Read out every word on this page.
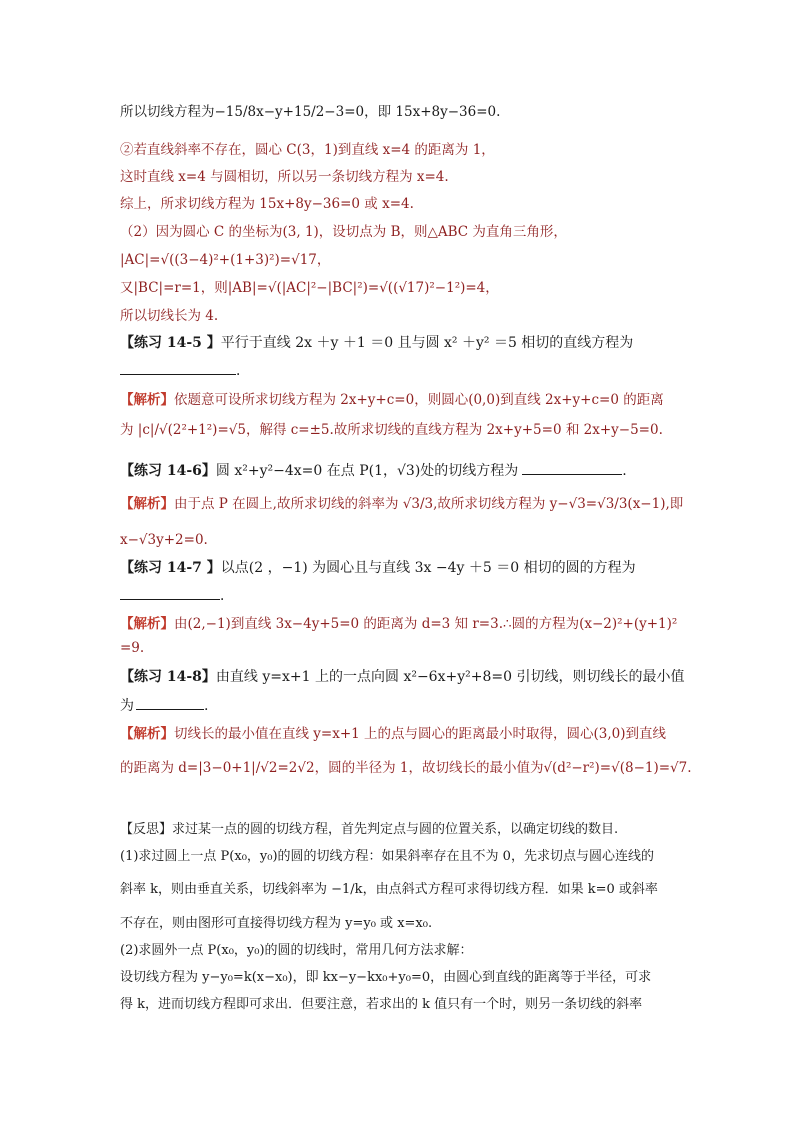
所以切线方程为−15/8x−y+15/2−3=0，即 15x+8y−36=0.
②若直线斜率不存在，圆心 C(3，1)到直线 x=4 的距离为 1，
这时直线 x=4 与圆相切，所以另一条切线方程为 x=4.
综上，所求切线方程为 15x+8y−36=0 或 x=4.
（2）因为圆心 C 的坐标为(3, 1)，设切点为 B，则△ABC 为直角三角形，
|AC|=√((3−4)²+(1+3)²)=√17，
又|BC|=r=1，则|AB|=√(|AC|²−|BC|²)=√((√17)²−1²)=4，
所以切线长为 4.
【练习 14-5 】平行于直线 2x ＋y ＋1 ＝0 且与圆 x² ＋y² ＝5 相切的直线方程为
.
【解析】依题意可设所求切线方程为 2x+y+c=0，则圆心(0,0)到直线 2x+y+c=0 的距离
为 |c|/√(2²+1²)=√5，解得 c=±5.故所求切线的直线方程为 2x+y+5=0 和 2x+y−5=0.
【练习 14-6】圆 x²+y²−4x=0 在点 P(1，√3)处的切线方程为	.
【解析】由于点 P 在圆上,故所求切线的斜率为 √3/3,故所求切线方程为 y−√3=√3/3(x−1),即
x−√3y+2=0.
【练习 14-7 】以点(2 ，−1) 为圆心且与直线 3x −4y ＋5 ＝0 相切的圆的方程为
.
【解析】由(2,−1)到直线 3x−4y+5=0 的距离为 d=3 知 r=3.∴圆的方程为(x−2)²+(y+1)²
=9.
【练习 14-8】由直线 y=x+1 上的一点向圆 x²−6x+y²+8=0 引切线，则切线长的最小值
为	.
【解析】切线长的最小值在直线 y=x+1 上的点与圆心的距离最小时取得，圆心(3,0)到直线
的距离为 d=|3−0+1|/√2=2√2，圆的半径为 1，故切线长的最小值为√(d²−r²)=√(8−1)=√7.
【反思】求过某一点的圆的切线方程，首先判定点与圆的位置关系，以确定切线的数目.
(1)求过圆上一点 P(x₀，y₀)的圆的切线方程：如果斜率存在且不为 0，先求切点与圆心连线的
斜率 k，则由垂直关系，切线斜率为 −1/k，由点斜式方程可求得切线方程．如果 k=0 或斜率
不存在，则由图形可直接得切线方程为 y=y₀ 或 x=x₀.
(2)求圆外一点 P(x₀，y₀)的圆的切线时，常用几何方法求解：
设切线方程为 y−y₀=k(x−x₀)，即 kx−y−kx₀+y₀=0，由圆心到直线的距离等于半径，可求
得 k，进而切线方程即可求出．但要注意，若求出的 k 值只有一个时，则另一条切线的斜率
